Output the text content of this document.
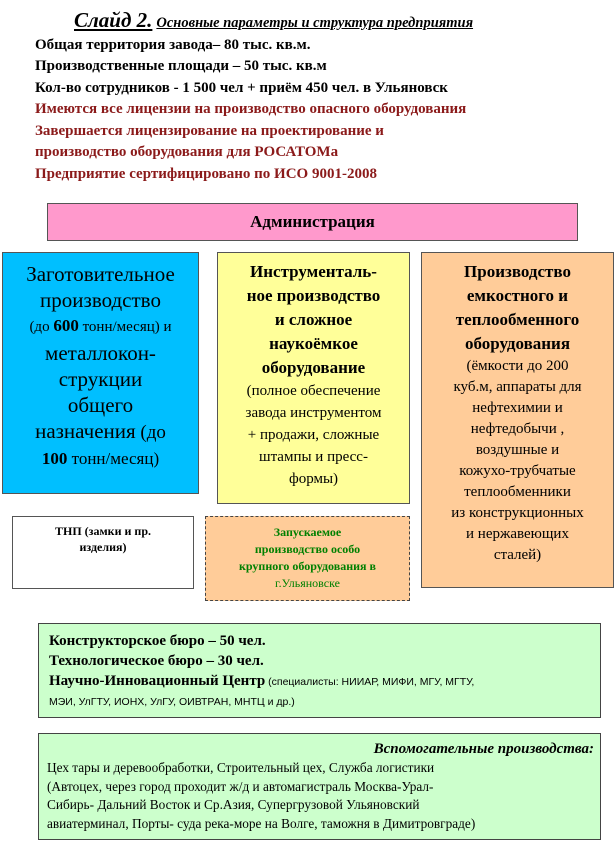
Слайд 2. Основные параметры и структура предприятия
Общая территория завода– 80 тыс. кв.м.
Производственные площади – 50 тыс. кв.м
Кол-во сотрудников - 1 500 чел + приём 450 чел. в Ульяновск
Имеются все лицензии на производство опасного оборудования
Завершается лицензирование на проектирование и
производство оборудования для РОСАТОМа
Предприятие сертифицировано по ИСО 9001-2008
Администрация
Заготовительное
производство
(до 600 тонн/месяц) и
металлокон-
струкции
общего
назначения (до
100 тонн/месяц)
Инструменталь-
ное производство
и сложное
наукоёмкое
оборудование
(полное обеспечение
завода инструментом
+ продажи, сложные
штампы и пресс-
формы)
Производство
емкостного и
теплообменного
оборудования
(ёмкости до 200
куб.м, аппараты для
нефтехимии и
нефтедобычи ,
воздушные и
кожухо-трубчатые
теплообменники
из конструкционных
и нержавеющих
сталей)
ТНП (замки и пр.
изделия)
Запускаемое
производство особо
крупного оборудования в
г.Ульяновске
Конструкторское бюро – 50 чел.
Технологическое бюро – 30 чел.
Научно-Инновационный Центр (специалисты: НИИАР, МИФИ, МГУ, МГТУ,
МЭИ, УлГТУ, ИОНХ, УлГУ, ОИВТРАН, МНТЦ и др.)
Вспомогательные производства:
Цех тары и деревообработки, Строительный цех, Служба логистики
(Автоцех, через город проходит ж/д и автомагистраль Москва-Урал-
Сибирь- Дальний Восток и Ср.Азия, Супергрузовой Ульяновский
авиатерминал, Порты- суда река-море на Волге, таможня в Димитровграде)
